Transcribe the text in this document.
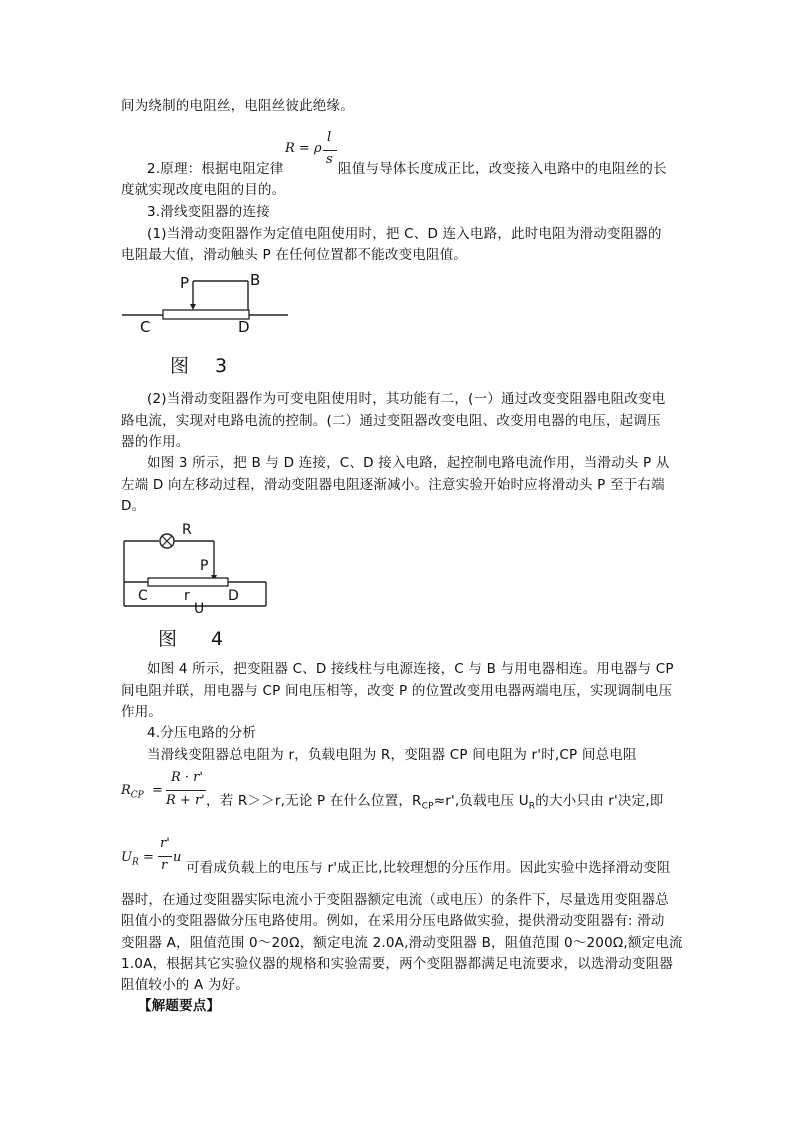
间为绕制的电阻丝，电阻丝彼此绝缘。
2.原理：根据电阻定律
R = ρ
l
s
阻值与导体长度成正比，改变接入电路中的电阻丝的长
度就实现改度电阻的目的。
3.滑线变阻器的连接
(1)当滑动变阻器作为定值电阻使用时，把 C、D 连入电路，此时电阻为滑动变阻器的
电阻最大值，滑动触头 P 在任何位置都不能改变电阻值。
P	B
C	D
图 3
(2)当滑动变阻器作为可变电阻使用时，其功能有二，(一）通过改变变阻器电阻改变电
路电流，实现对电路电流的控制。(二）通过变阻器改变电阻、改变用电器的电压，起调压
器的作用。
如图 3 所示，把 B 与 D 连接，C、D 接入电路，起控制电路电流作用，当滑动头 P 从
左端 D 向左移动过程，滑动变阻器电阻逐渐减小。注意实验开始时应将滑动头 P 至于右端
D。
R
P
C	r	D
U
图 4
如图 4 所示，把变阻器 C、D 接线柱与电源连接，C 与 B 与用电器相连。用电器与 CP
间电阻并联，用电器与 CP 间电压相等，改变 P 的位置改变用电器两端电压，实现调制电压
作用。
4.分压电路的分析
当滑线变阻器总电阻为 r，负载电阻为 R，变阻器 CP 间电阻为 r'时,CP 间总电阻
$R_{CP}$ =
R · r'
R + r' ，若 R＞＞r,无论 P 在什么位置，$R_{CP}\approx r'$,负载电压 $U_R$的大小只由 r'决定,即
$U_R$ =
r'
r
u
可看成负载上的电压与 r'成正比,比较理想的分压作用。因此实验中选择滑动变阻
器时，在通过变阻器实际电流小于变阻器额定电流（或电压）的条件下，尽量选用变阻器总
阻值小的变阻器做分压电路使用。例如，在采用分压电路做实验，提供滑动变阻器有: 滑动
变阻器 A，阻值范围 0～20Ω，额定电流 2.0A,滑动变阻器 B，阻值范围 0～200Ω,额定电流
1.0A，根据其它实验仪器的规格和实验需要，两个变阻器都满足电流要求，以选滑动变阻器
阻值较小的 A 为好。
【解题要点】
